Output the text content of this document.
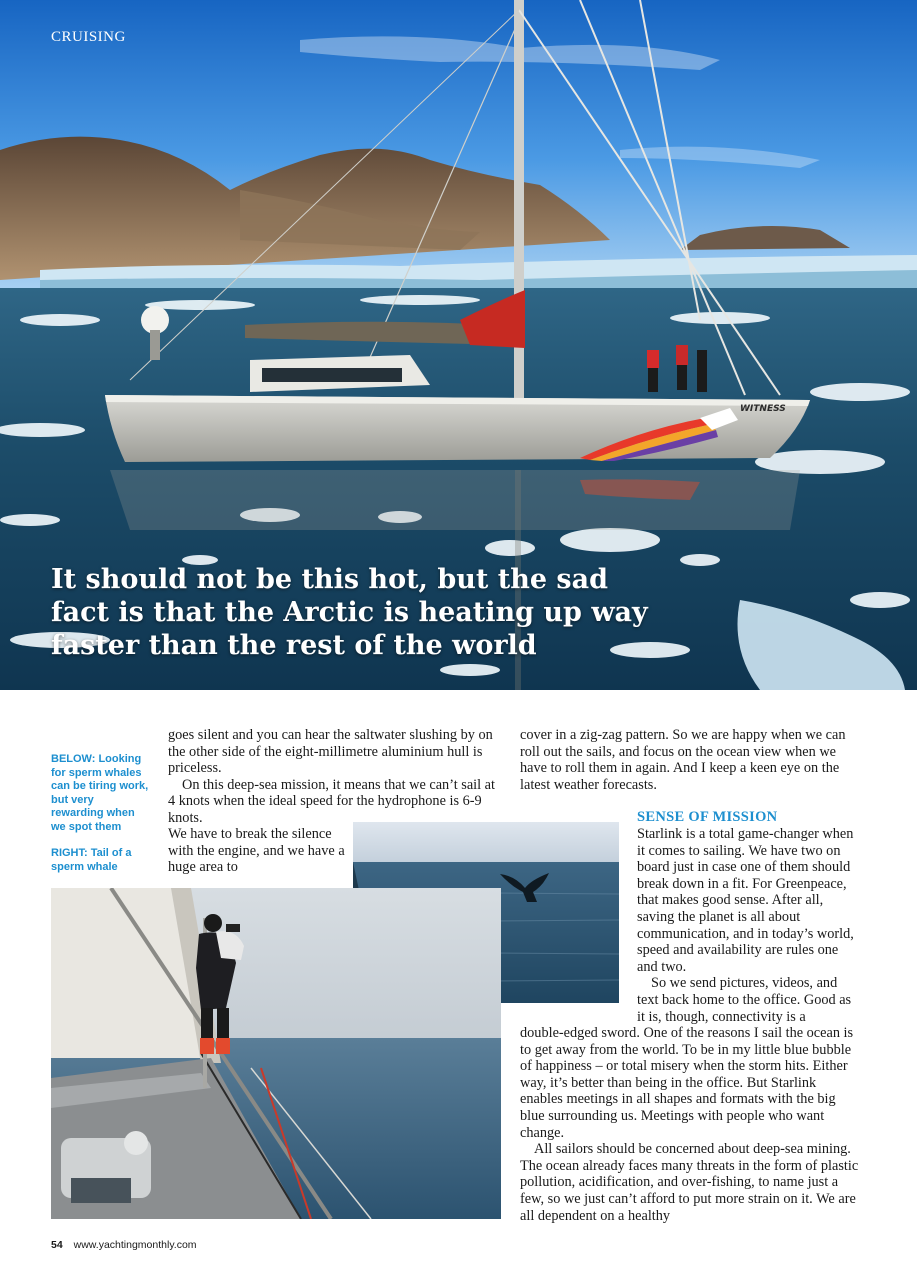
WITNESS

CRUISING

It should not be this hot, but the sad fact is that the Arctic is heating up way faster than the rest of the world

BELOW: Looking for sperm whales can be tiring work, but very rewarding when we spot them

RIGHT: Tail of a sperm whale

goes silent and you can hear the saltwater slushing by on the other side of the eight-millimetre aluminium hull is priceless.

On this deep-sea mission, it means that we can’t sail at 4 knots when the ideal speed for the hydrophone is 6-9 knots.

We have to break the silence with the engine, and we have a huge area to

cover in a zig-zag pattern. So we are happy when we can roll out the sails, and focus on the ocean view when we have to roll them in again. And I keep a keen eye on the latest weather forecasts.

SENSE OF MISSION

Starlink is a total game-changer when it comes to sailing. We have two on board just in case one of them should break down in a fit. For Greenpeace, that makes good sense. After all, saving the planet is all about communication, and in today’s world, speed and availability are rules one and two.

So we send pictures, videos, and text back home to the office. Good as it is, though, connectivity is a

double-edged sword. One of the reasons I sail the ocean is to get away from the world. To be in my little blue bubble of happiness – or total misery when the storm hits. Either way, it’s better than being in the office. But Starlink enables meetings in all shapes and formats with the big blue surrounding us. Meetings with people who want change.

All sailors should be concerned about deep-sea mining. The ocean already faces many threats in the form of plastic pollution, acidification, and over-fishing, to name just a few, so we just can’t afford to put more strain on it. We are all dependent on a healthy

54 www.yachtingmonthly.com
